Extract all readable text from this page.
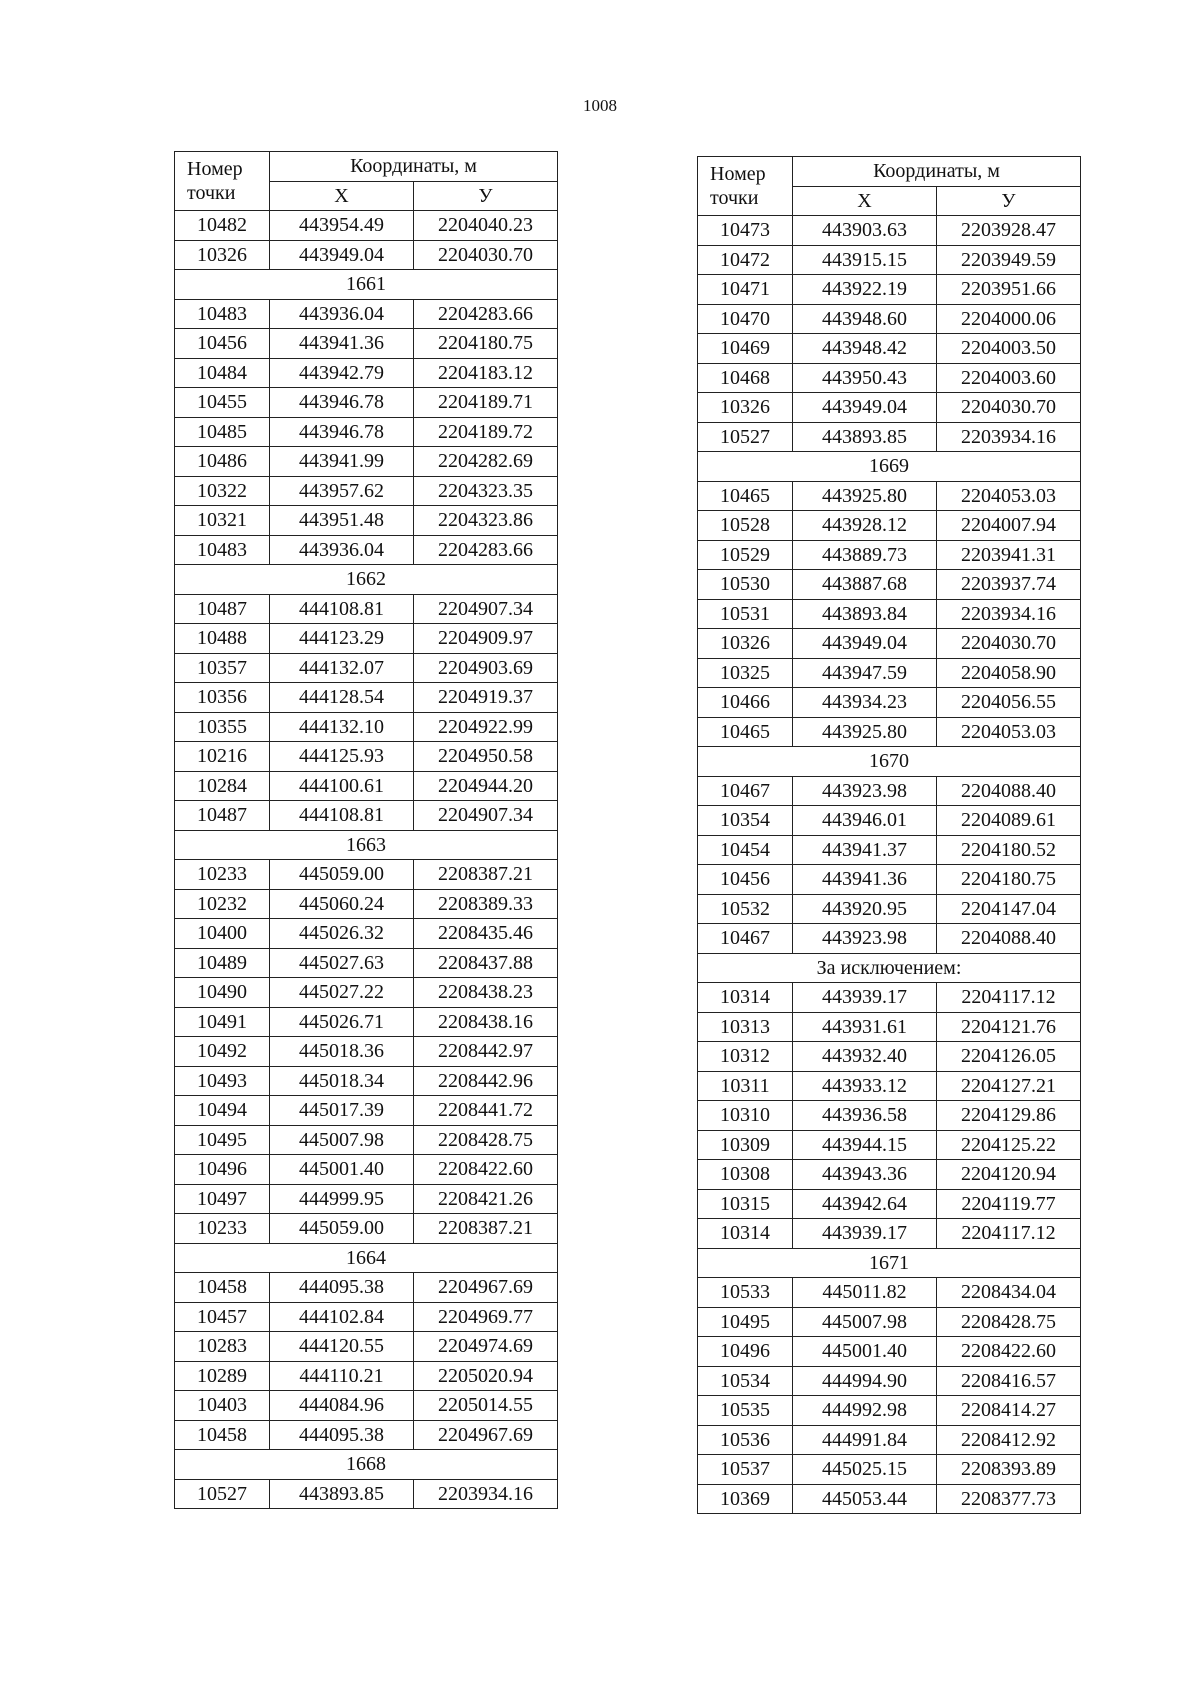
1008
Номер
точки	Координаты, м	
	Х	У
10482	443954.49	2204040.23
10326	443949.04	2204030.70
1661		
10483	443936.04	2204283.66
10456	443941.36	2204180.75
10484	443942.79	2204183.12
10455	443946.78	2204189.71
10485	443946.78	2204189.72
10486	443941.99	2204282.69
10322	443957.62	2204323.35
10321	443951.48	2204323.86
10483	443936.04	2204283.66
1662		
10487	444108.81	2204907.34
10488	444123.29	2204909.97
10357	444132.07	2204903.69
10356	444128.54	2204919.37
10355	444132.10	2204922.99
10216	444125.93	2204950.58
10284	444100.61	2204944.20
10487	444108.81	2204907.34
1663		
10233	445059.00	2208387.21
10232	445060.24	2208389.33
10400	445026.32	2208435.46
10489	445027.63	2208437.88
10490	445027.22	2208438.23
10491	445026.71	2208438.16
10492	445018.36	2208442.97
10493	445018.34	2208442.96
10494	445017.39	2208441.72
10495	445007.98	2208428.75
10496	445001.40	2208422.60
10497	444999.95	2208421.26
10233	445059.00	2208387.21
1664		
10458	444095.38	2204967.69
10457	444102.84	2204969.77
10283	444120.55	2204974.69
10289	444110.21	2205020.94
10403	444084.96	2205014.55
10458	444095.38	2204967.69
1668		
10527	443893.85	2203934.16
Номер
точки	Координаты, м	
	Х	У
10473	443903.63	2203928.47
10472	443915.15	2203949.59
10471	443922.19	2203951.66
10470	443948.60	2204000.06
10469	443948.42	2204003.50
10468	443950.43	2204003.60
10326	443949.04	2204030.70
10527	443893.85	2203934.16
1669		
10465	443925.80	2204053.03
10528	443928.12	2204007.94
10529	443889.73	2203941.31
10530	443887.68	2203937.74
10531	443893.84	2203934.16
10326	443949.04	2204030.70
10325	443947.59	2204058.90
10466	443934.23	2204056.55
10465	443925.80	2204053.03
1670		
10467	443923.98	2204088.40
10354	443946.01	2204089.61
10454	443941.37	2204180.52
10456	443941.36	2204180.75
10532	443920.95	2204147.04
10467	443923.98	2204088.40
За исключением:		
10314	443939.17	2204117.12
10313	443931.61	2204121.76
10312	443932.40	2204126.05
10311	443933.12	2204127.21
10310	443936.58	2204129.86
10309	443944.15	2204125.22
10308	443943.36	2204120.94
10315	443942.64	2204119.77
10314	443939.17	2204117.12
1671		
10533	445011.82	2208434.04
10495	445007.98	2208428.75
10496	445001.40	2208422.60
10534	444994.90	2208416.57
10535	444992.98	2208414.27
10536	444991.84	2208412.92
10537	445025.15	2208393.89
10369	445053.44	2208377.73
